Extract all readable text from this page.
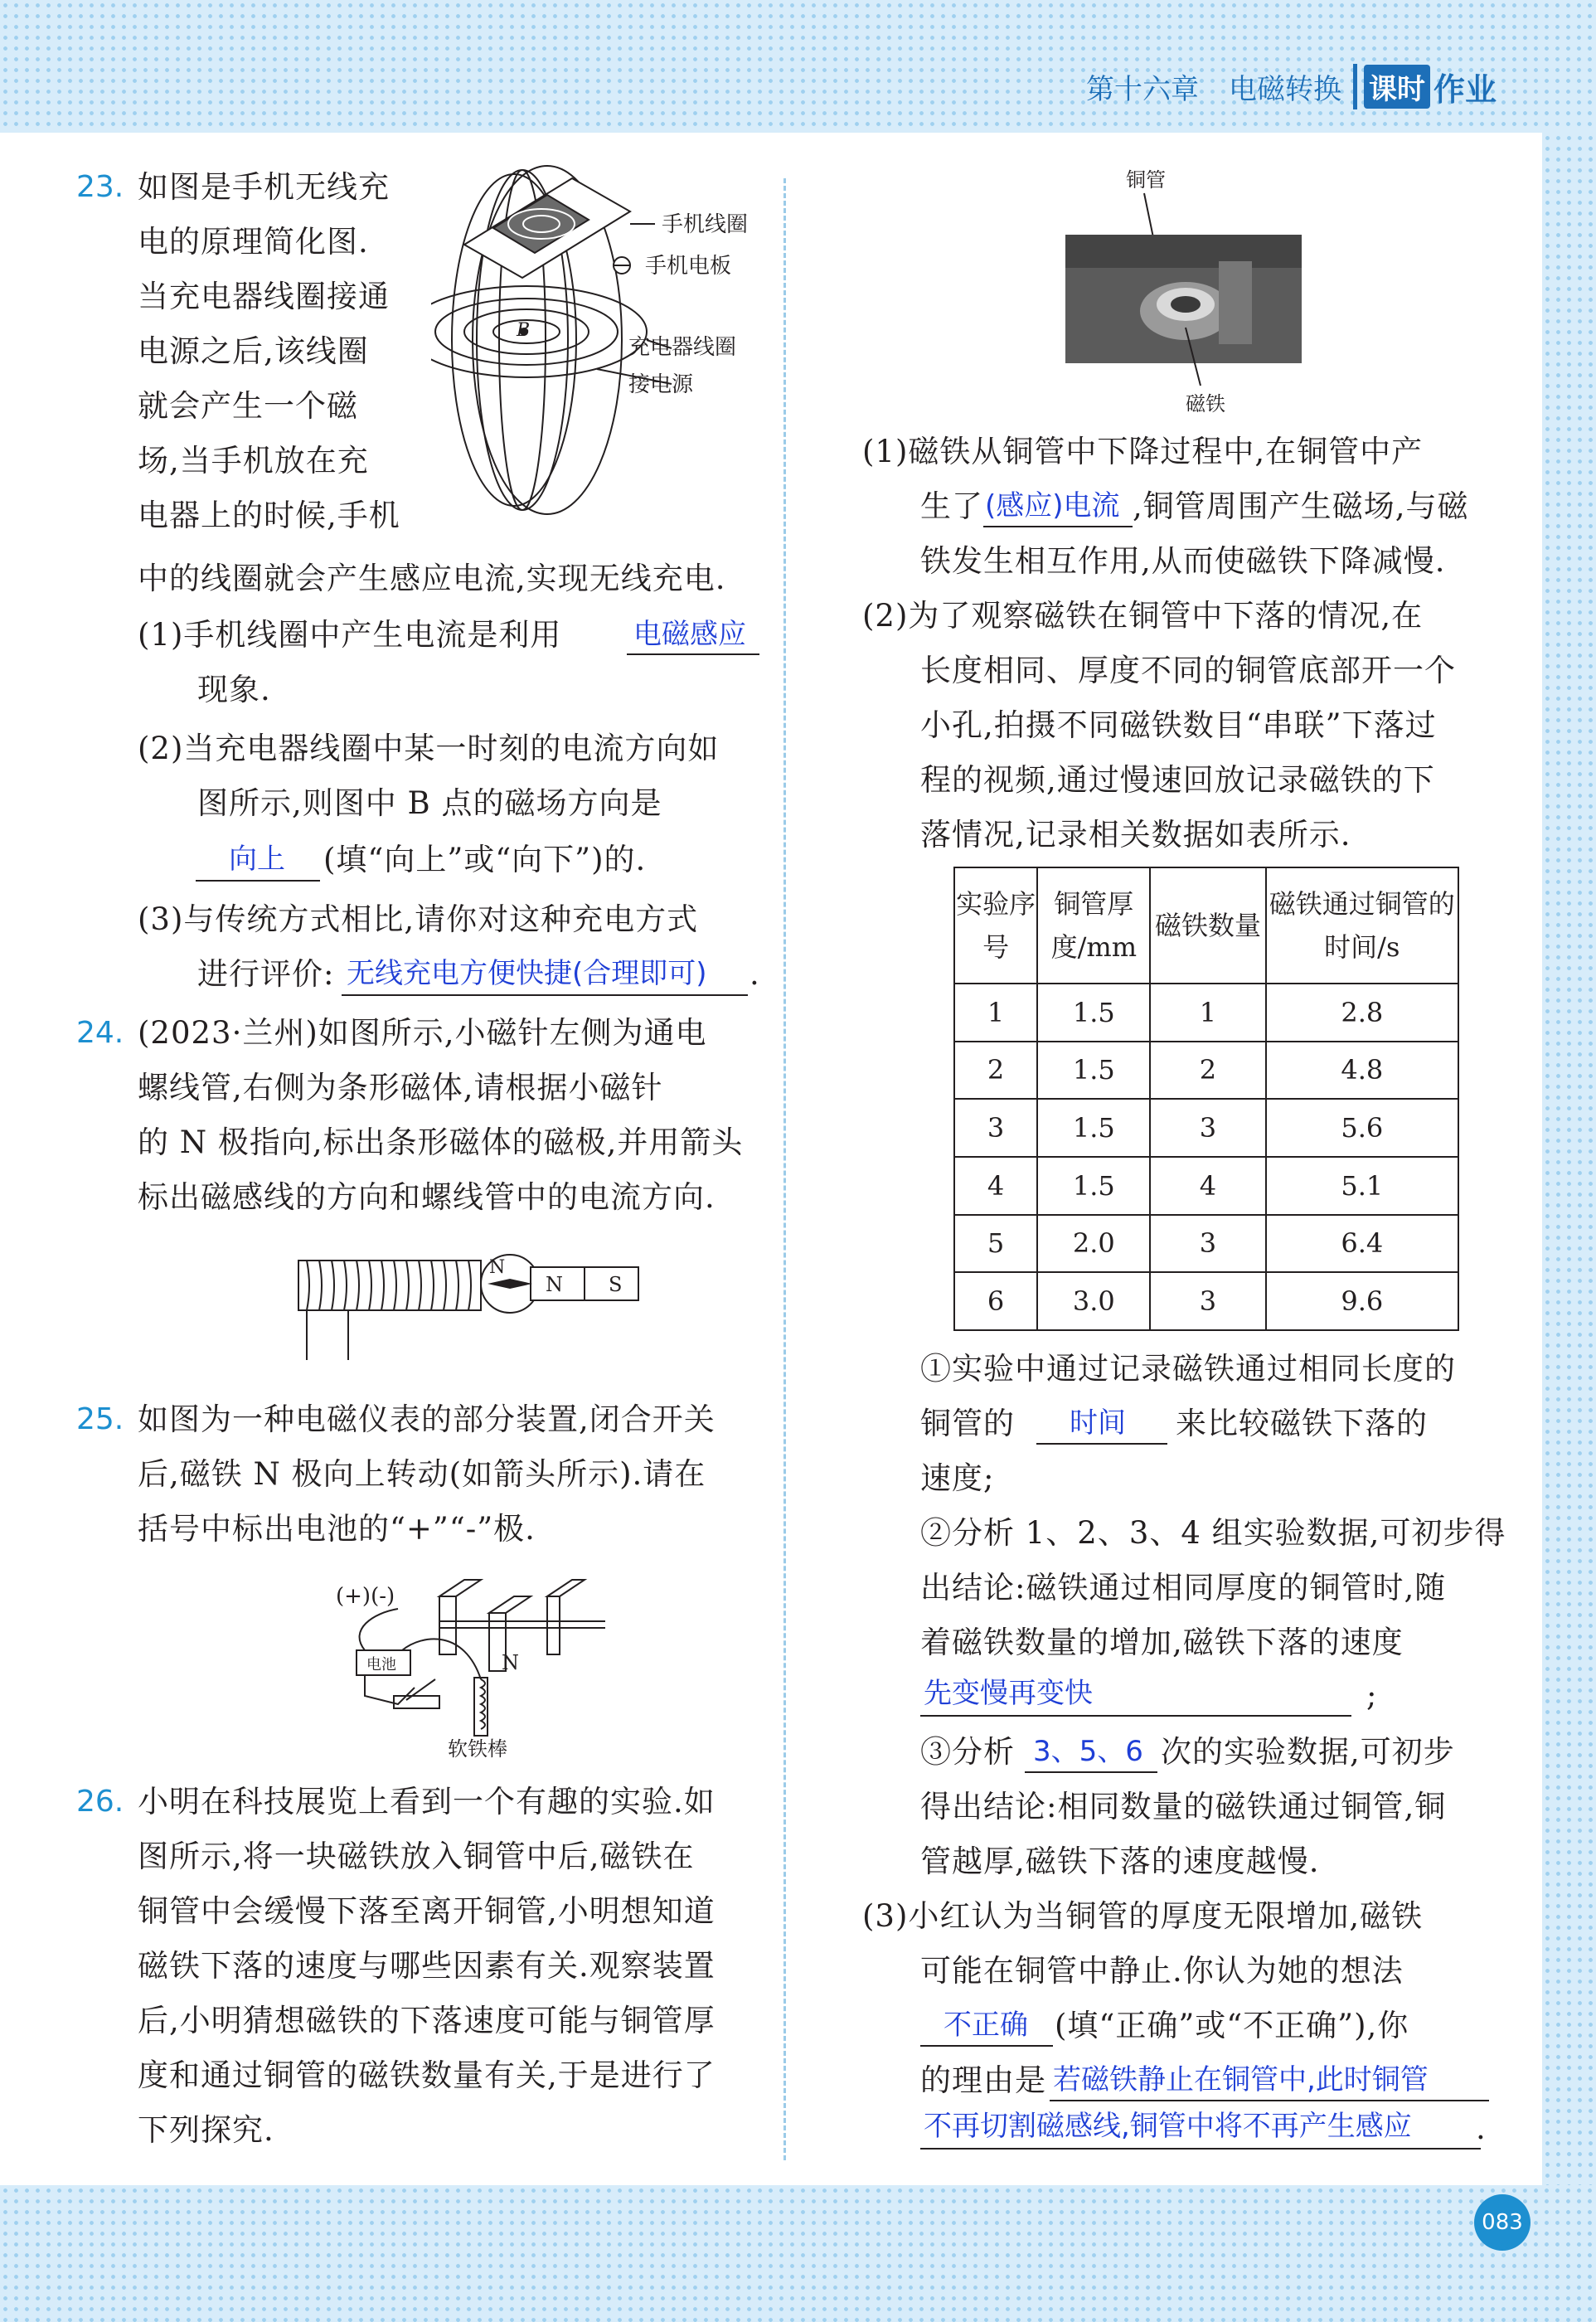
第十六章 电磁转换 课时 作业
23. 如图是手机无线充
电的原理简化图.
当充电器线圈接通
电源之后,该线圈
就会产生一个磁
场,当手机放在充
电器上的时候,手机
中的线圈就会产生感应电流,实现无线充电.
B
手机线圈
手机电板
充电器线圈
接电源
(1)手机线圈中产生电流是利用	电磁感应
现象.
(2)当充电器线圈中某一时刻的电流方向如
图所示,则图中 B 点的磁场方向是
向上 (填“向上”或“向下”)的.
(3)与传统方式相比,请你对这种充电方式
进行评价: 无线充电方便快捷(合理即可) .
24. (2023·兰州)如图所示,小磁针左侧为通电
螺线管,右侧为条形磁体,请根据小磁针
的 N 极指向,标出条形磁体的磁极,并用箭头
标出磁感线的方向和螺线管中的电流方向.
N
N S
25. 如图为一种电磁仪表的部分装置,闭合开关
后,磁铁 N 极向上转动(如箭头所示).请在
括号中标出电池的“+”“-”极.
(+)(-)
电池	N
软铁棒
26. 小明在科技展览上看到一个有趣的实验.如
图所示,将一块磁铁放入铜管中后,磁铁在
铜管中会缓慢下落至离开铜管,小明想知道
磁铁下落的速度与哪些因素有关.观察装置
后,小明猜想磁铁的下落速度可能与铜管厚
度和通过铜管的磁铁数量有关,于是进行了
下列探究.
铜管
磁铁
(1)磁铁从铜管中下降过程中,在铜管中产
生了 (感应)电流 ,铜管周围产生磁场,与磁
铁发生相互作用,从而使磁铁下降减慢.
(2)为了观察磁铁在铜管中下落的情况,在
长度相同、厚度不同的铜管底部开一个
小孔,拍摄不同磁铁数目“串联”下落过
程的视频,通过慢速回放记录磁铁的下
落情况,记录相关数据如表所示.
实验序号	铜管厚度/mm	磁铁数量	磁铁通过铜管的时间/s
1	1.5	1	2.8
2	1.5	2	4.8
3	1.5	3	5.6
4	1.5	4	5.1
5	2.0	3	6.4
6	3.0	3	9.6
①实验中通过记录磁铁通过相同长度的
铜管的 时间 来比较磁铁下落的
速度;
②分析 1、2、3、4 组实验数据,可初步得
出结论:磁铁通过相同厚度的铜管时,随
着磁铁数量的增加,磁铁下落的速度
先变慢再变快	;
③分析 3、5、6 次的实验数据,可初步
得出结论:相同数量的磁铁通过铜管,铜
管越厚,磁铁下落的速度越慢.
(3)小红认为当铜管的厚度无限增加,磁铁
可能在铜管中静止.你认为她的想法
不正确 (填“正确”或“不正确”),你
的理由是 若磁铁静止在铜管中,此时铜管
不再切割磁感线,铜管中将不再产生感应 .
083
